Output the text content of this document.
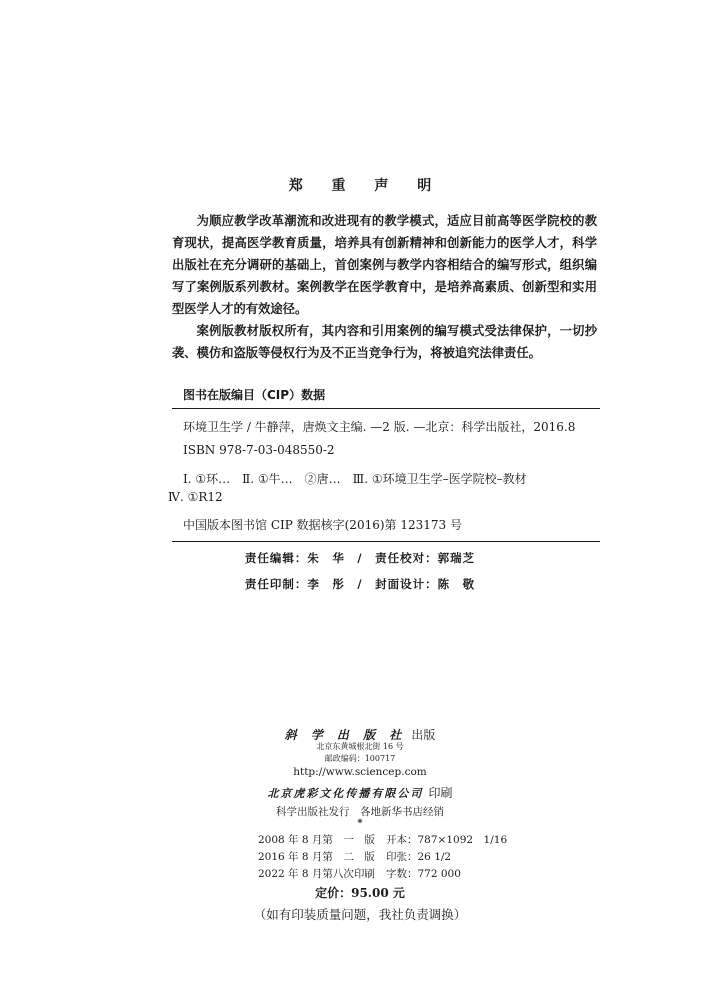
郑 重 声 明

为顺应教学改革潮流和改进现有的教学模式，适应目前高等医学院校的教育现状，提高医学教育质量，培养具有创新精神和创新能力的医学人才，科学出版社在充分调研的基础上，首创案例与教学内容相结合的编写形式，组织编写了案例版系列教材。案例教学在医学教育中，是培养高素质、创新型和实用型医学人才的有效途径。

案例版教材版权所有，其内容和引用案例的编写模式受法律保护，一切抄袭、模仿和盗版等侵权行为及不正当竞争行为，将被追究法律责任。

图书在版编目（CIP）数据
环境卫生学 / 牛静萍，唐焕文主编. —2 版. —北京：科学出版社，2016.8
ISBN 978-7-03-048550-2
Ⅰ. ①环…　Ⅱ. ①牛…　②唐…　Ⅲ. ①环境卫生学–医学院校–教材
Ⅳ. ①R12
中国版本图书馆 CIP 数据核字(2016)第 123173 号
责任编辑：朱　华　/　责任校对：郭瑞芝
责任印制：李　彤　/　封面设计：陈　敬
斜 学 出 版 社 出版
北京东黄城根北街 16 号
邮政编码：100717
http://www.sciencep.com
北京虎彩文化传播有限公司 印刷
科学出版社发行　各地新华书店经销
*
2008 年 8 月第　一　版 开本：787×1092　1/16
2016 年 8 月第　二　版 印张：26 1/2
2022 年 8 月第八次印刷 字数：772 000
定价：95.00 元
（如有印装质量问题，我社负责调换）
